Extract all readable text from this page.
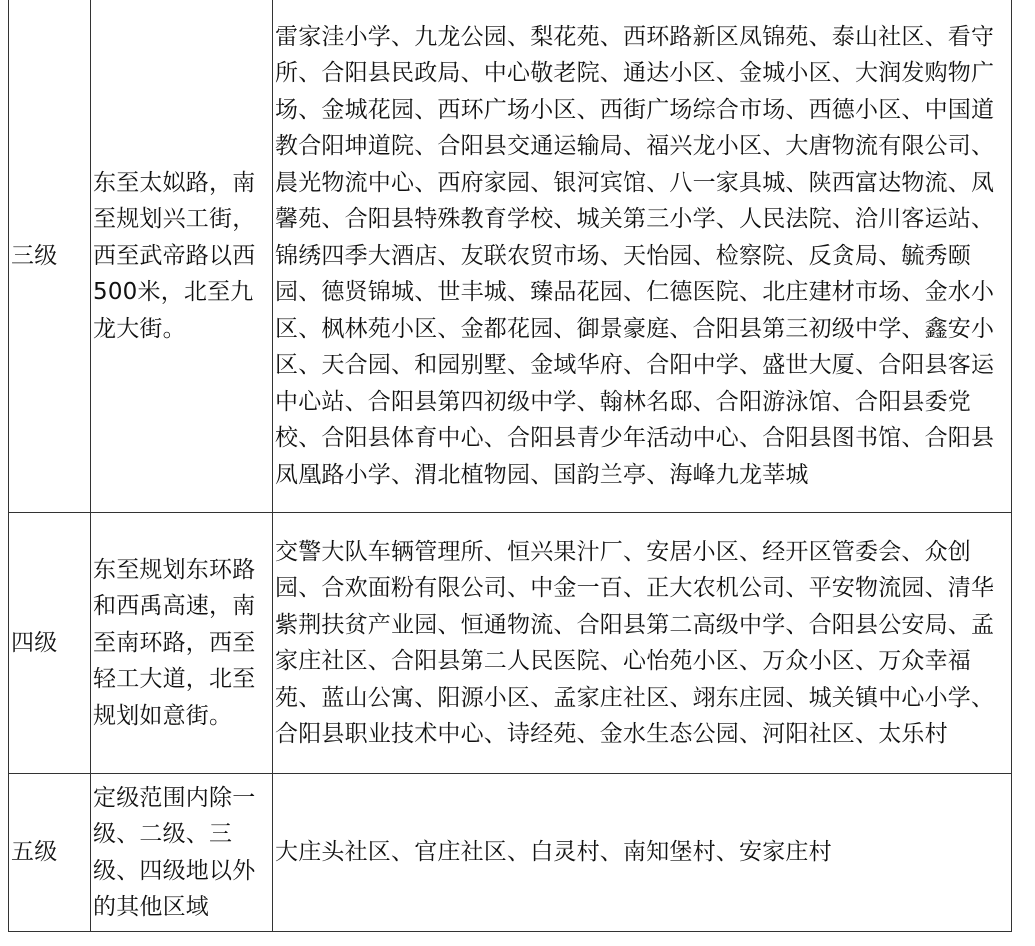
三级	东至太姒路，南至规划兴工街，西至武帝路以西500米，北至九龙大街。	雷家洼小学、九龙公园、梨花苑、西环路新区凤锦苑、泰山社区、看守所、合阳县民政局、中心敬老院、通达小区、金城小区、大润发购物广场、金城花园、西环广场小区、西街广场综合市场、西德小区、中国道教合阳坤道院、合阳县交通运输局、福兴龙小区、大唐物流有限公司、晨光物流中心、西府家园、银河宾馆、八一家具城、陕西富达物流、凤馨苑、合阳县特殊教育学校、城关第三小学、人民法院、洽川客运站、锦绣四季大酒店、友联农贸市场、天怡园、检察院、反贪局、毓秀颐园、德贤锦城、世丰城、臻品花园、仁德医院、北庄建材市场、金水小区、枫林苑小区、金都花园、御景豪庭、合阳县第三初级中学、鑫安小区、天合园、和园别墅、金域华府、合阳中学、盛世大厦、合阳县客运中心站、合阳县第四初级中学、翰林名邸、合阳游泳馆、合阳县委党校、合阳县体育中心、合阳县青少年活动中心、合阳县图书馆、合阳县凤凰路小学、渭北植物园、国韵兰亭、海峰九龙莘城
四级	东至规划东环路和西禹高速，南至南环路，西至轻工大道，北至规划如意街。	交警大队车辆管理所、恒兴果汁厂、安居小区、经开区管委会、众创园、合欢面粉有限公司、中金一百、正大农机公司、平安物流园、清华紫荆扶贫产业园、恒通物流、合阳县第二高级中学、合阳县公安局、孟家庄社区、合阳县第二人民医院、心怡苑小区、万众小区、万众幸福苑、蓝山公寓、阳源小区、孟家庄社区、翊东庄园、城关镇中心小学、合阳县职业技术中心、诗经苑、金水生态公园、河阳社区、太乐村
五级	定级范围内除一级、二级、三级、四级地以外的其他区域	大庄头社区、官庄社区、白灵村、南知堡村、安家庄村
